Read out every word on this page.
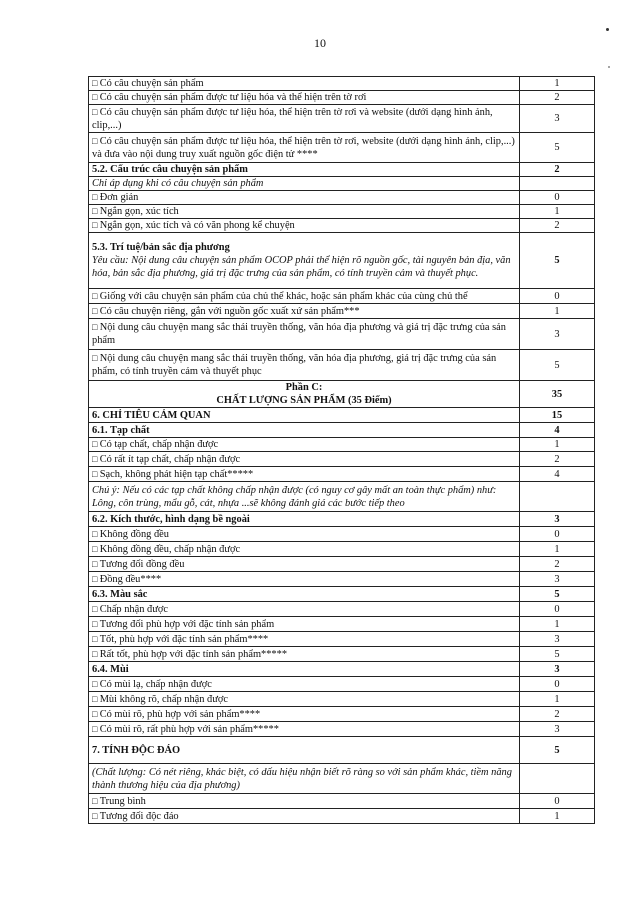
10
□ Có câu chuyện sản phẩm	1
□ Có câu chuyện sản phẩm được tư liệu hóa và thể hiện trên tờ rơi	2
□ Có câu chuyện sản phẩm được tư liệu hóa, thể hiện trên tờ rơi và website (dưới dạng hình ảnh, clip,...)	3
□ Có câu chuyện sản phẩm được tư liệu hóa, thể hiện trên tờ rơi, website (dưới dạng hình ảnh, clip,...) và đưa vào nội dung truy xuất nguồn gốc điện tử ****	5
5.2. Cấu trúc câu chuyện sản phẩm	2
Chỉ áp dụng khi có câu chuyện sản phẩm	
□ Đơn giản	0
□ Ngắn gọn, xúc tích	1
□ Ngắn gọn, xúc tích và có văn phong kể chuyện	2

5.3. Trí tuệ/bản sắc địa phương
Yêu cầu: Nội dung câu chuyện sản phẩm OCOP phải thể hiện rõ nguồn gốc, tài nguyên bản địa, văn hóa, bản sắc địa phương, giá trị đặc trưng của sản phẩm, có tính truyền cảm và thuyết phục.	5
□ Giống với câu chuyện sản phẩm của chủ thể khác, hoặc sản phẩm khác của cùng chủ thể	0
□ Có câu chuyện riêng, gắn với nguồn gốc xuất xứ sản phẩm***	1
□ Nội dung câu chuyện mang sắc thái truyền thống, văn hóa địa phương và giá trị đặc trưng của sản phẩm	3
□ Nội dung câu chuyện mang sắc thái truyền thống, văn hóa địa phương, giá trị đặc trưng của sản phẩm, có tính truyền cảm và thuyết phục	5

Phần C:
CHẤT LƯỢNG SẢN PHẨM (35 Điểm)	35
6. CHỈ TIÊU CẢM QUAN	15
6.1. Tạp chất	4
□ Có tạp chất, chấp nhận được	1
□ Có rất ít tạp chất, chấp nhận được	2
□ Sạch, không phát hiện tạp chất*****	4
Chú ý: Nếu có các tạp chất không chấp nhận được (có nguy cơ gây mất an toàn thực phẩm) như: Lông, côn trùng, mẩu gỗ, cát, nhựa ...sẽ không đánh giá các bước tiếp theo	
6.2. Kích thước, hình dạng bề ngoài	3
□ Không đồng đều	0
□ Không đồng đều, chấp nhận được	1
□ Tương đối đồng đều	2
□ Đồng đều****	3
6.3. Màu sắc	5
□ Chấp nhận được	0
□ Tương đối phù hợp với đặc tính sản phẩm	1
□ Tốt, phù hợp với đặc tính sản phẩm****	3
□ Rất tốt, phù hợp với đặc tính sản phẩm*****	5
6.4. Mùi	3
□ Có mùi lạ, chấp nhận được	0
□ Mùi không rõ, chấp nhận được	1
□ Có mùi rõ, phù hợp với sản phẩm****	2
□ Có mùi rõ, rất phù hợp với sản phẩm*****	3
7. TÍNH ĐỘC ĐÁO	5
(Chất lượng: Có nét riêng, khác biệt, có dấu hiệu nhận biết rõ ràng so với sản phẩm khác, tiềm năng thành thương hiệu của địa phương)	
□ Trung bình	0
□ Tương đối độc đáo	1
